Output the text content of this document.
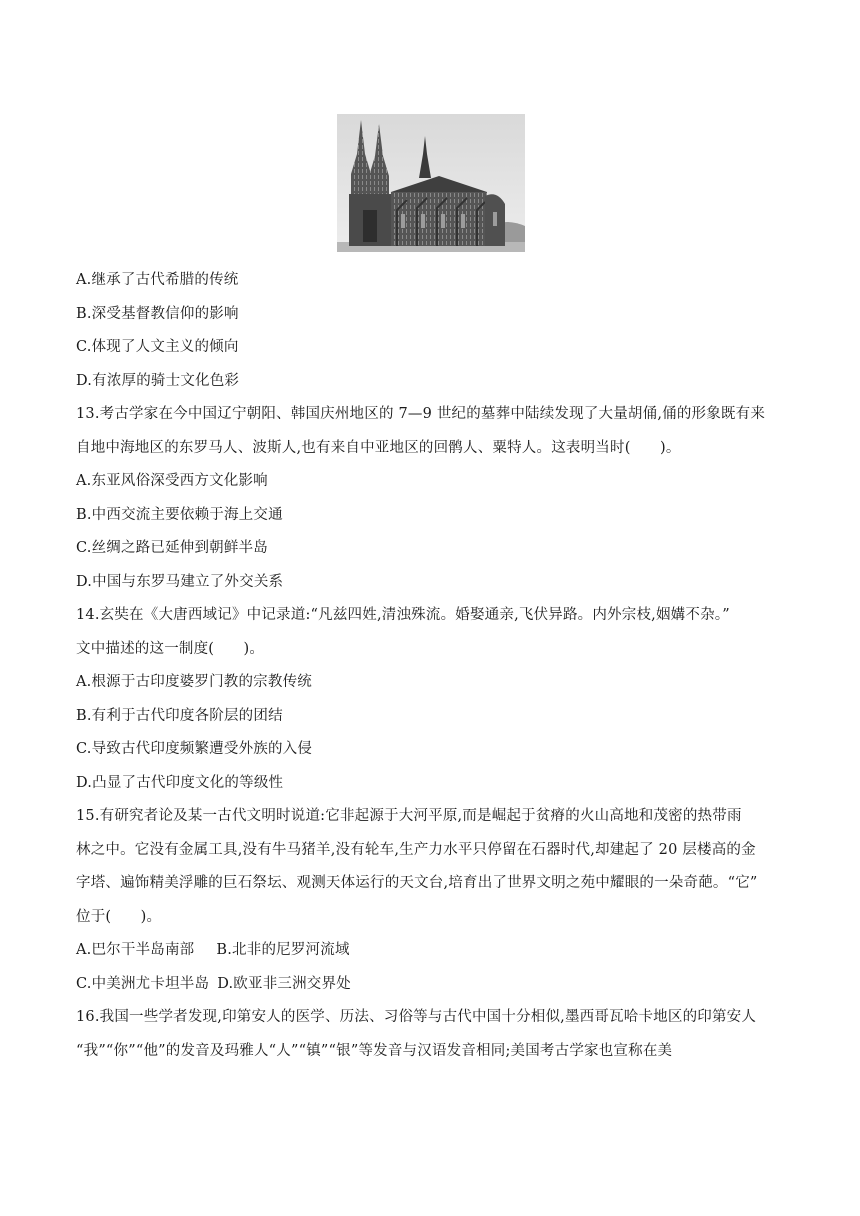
A.继承了古代希腊的传统
B.深受基督教信仰的影响
C.体现了人文主义的倾向
D.有浓厚的骑士文化色彩
13.考古学家在今中国辽宁朝阳、韩国庆州地区的 7—9 世纪的墓葬中陆续发现了大量胡俑,俑的形象既有来
自地中海地区的东罗马人、波斯人,也有来自中亚地区的回鹘人、粟特人。这表明当时(　　)。
A.东亚风俗深受西方文化影响
B.中西交流主要依赖于海上交通
C.丝绸之路已延伸到朝鲜半岛
D.中国与东罗马建立了外交关系
14.玄奘在《大唐西域记》中记录道:“凡兹四姓,清浊殊流。婚娶通亲,飞伏异路。内外宗枝,姻媾不杂。”
文中描述的这一制度(　　)。
A.根源于古印度婆罗门教的宗教传统
B.有利于古代印度各阶层的团结
C.导致古代印度频繁遭受外族的入侵
D.凸显了古代印度文化的等级性
15.有研究者论及某一古代文明时说道:它非起源于大河平原,而是崛起于贫瘠的火山高地和茂密的热带雨
林之中。它没有金属工具,没有牛马猪羊,没有轮车,生产力水平只停留在石器时代,却建起了 20 层楼高的金
字塔、遍饰精美浮雕的巨石祭坛、观测天体运行的天文台,培育出了世界文明之苑中耀眼的一朵奇葩。“它”
位于(　　)。
A.巴尔干半岛南部 B.北非的尼罗河流域
C.中美洲尤卡坦半岛 D.欧亚非三洲交界处
16.我国一些学者发现,印第安人的医学、历法、习俗等与古代中国十分相似,墨西哥瓦哈卡地区的印第安人
“我”“你”“他”的发音及玛雅人“人”“镇”“银”等发音与汉语发音相同;美国考古学家也宣称在美
